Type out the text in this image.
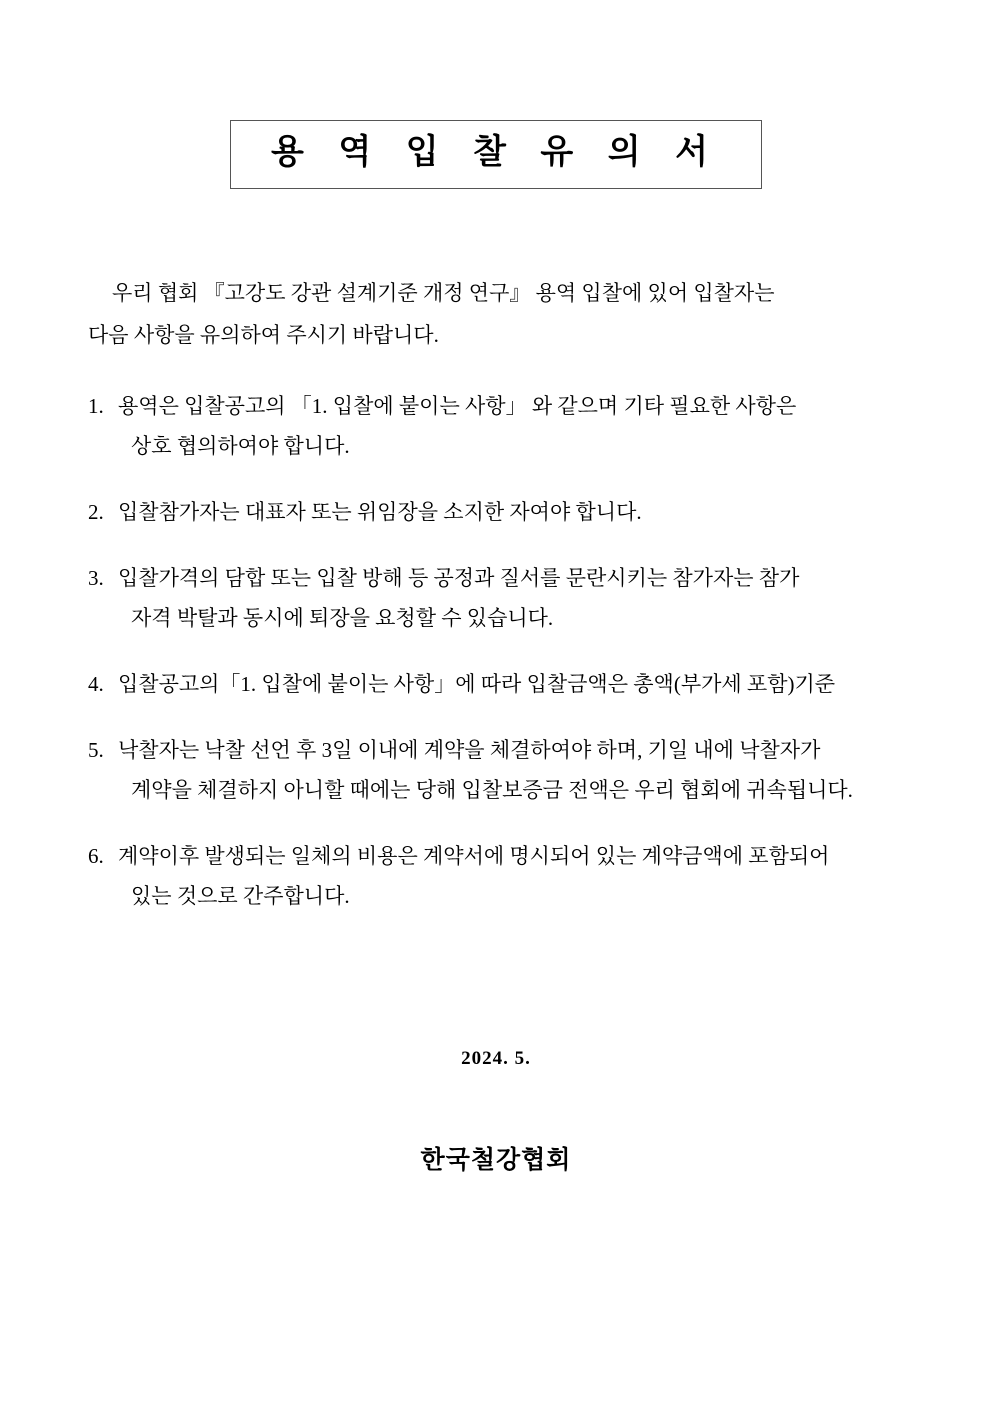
용 역 입 찰 유 의 서
우리 협회 『고강도 강관 설계기준 개정 연구』 용역 입찰에 있어 입찰자는
다음 사항을 유의하여 주시기 바랍니다.
1. 용역은 입찰공고의 「1. 입찰에 붙이는 사항」 와 같으며 기타 필요한 사항은
상호 협의하여야 합니다.
2. 입찰참가자는 대표자 또는 위임장을 소지한 자여야 합니다.
3. 입찰가격의 담합 또는 입찰 방해 등 공정과 질서를 문란시키는 참가자는 참가
자격 박탈과 동시에 퇴장을 요청할 수 있습니다.
4. 입찰공고의「1. 입찰에 붙이는 사항」에 따라 입찰금액은 총액(부가세 포함)기준
5. 낙찰자는 낙찰 선언 후 3일 이내에 계약을 체결하여야 하며, 기일 내에 낙찰자가
계약을 체결하지 아니할 때에는 당해 입찰보증금 전액은 우리 협회에 귀속됩니다.
6. 계약이후 발생되는 일체의 비용은 계약서에 명시되어 있는 계약금액에 포함되어
있는 것으로 간주합니다.
2024. 5.
한국철강협회
